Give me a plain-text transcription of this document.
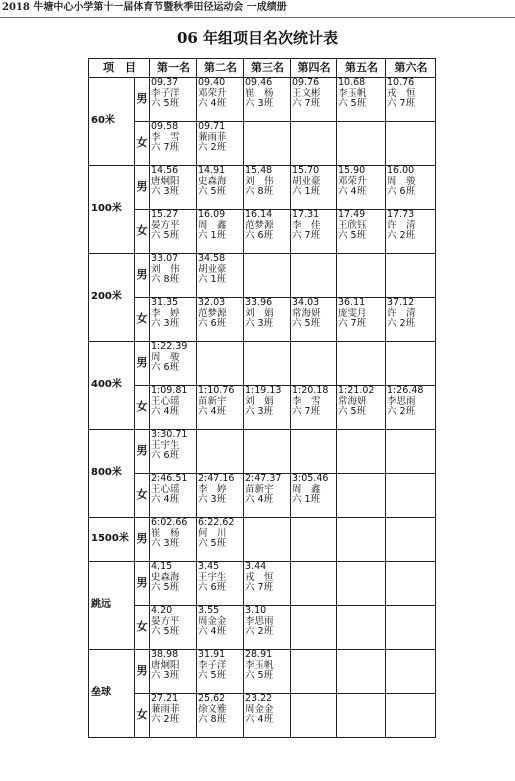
2018 牛塘中心小学第十一届体育节暨秋季田径运动会 一成绩册
06 年组项目名次统计表
项　目		第一名	第二名	第三名	第四名	第五名	第六名
60米	男	09.37
李子洋
六 5班	09.40
邓荣升
六 4班	09.46
崔　杨
六 3班	09.76
王文彬
六 7班	10.68
李玉帆
六 5班	10.76
戎　恒
六 7班

	女	09.58
李　雪
六 7班	09.71
蒹雨菲
六 2班				

100米	男	14.56
唐炯阳
六 3班	14.91
史森海
六 5班	15.48
刘　伟
六 8班	15.70
胡业豪
六 1班	15.90
邓荣升
六 4班	16.00
周　骏
六 6班

	女	15.27
晏方平
六 5班	16.09
周　鑫
六 1班	16.14
范梦源
六 6班	17.31
李　佳
六 7班	17.49
王欣钰
六 5班	17.73
许　清
六 2班

200米	男	33.07
刘　伟
六 8班	34.58
胡业豪
六 1班				

	女	31.35
李　婷
六 3班	32.03
范梦源
六 6班	33.96
刘　娟
六 3班	34.03
常海妍
六 5班	36.11
庞雯月
六 7班	37.12
许　清
六 2班

400米	男	1:22.39
周　骏
六 6班					

	女	1:09.81
王心瑶
六 4班	1:10.76
苗新宇
六 4班	1:19.13
刘　娟
六 3班	1:20.18
李　雪
六 7班	1:21.02
常海妍
六 5班	1:26.48
李思雨
六 2班

800米	男	3:30.71
王宇生
六 6班					

	女	2:46.51
王心瑶
六 4班	2:47.16
李　婷
六 3班	2:47.37
苗新宇
六 4班	3:05.46
周　鑫
六 1班		

1500米	男	6:02.66
崔　杨
六 3班	6:22.62
何　川
六 5班				

跳远	男	4.15
史森海
六 5班	3.45
王宇生
六 6班	3.44
戎　恒
六 7班			

	女	4.20
晏方平
六 5班	3.55
周金金
六 4班	3.10
李思雨
六 2班			

垒球	男	38.98
唐炯阳
六 3班	31.91
李子洋
六 5班	28.91
李玉帆
六 5班			

	女	27.21
蒹雨菲
六 2班	25.62
徐文雅
六 8班	23.22
周金金
六 4班			
